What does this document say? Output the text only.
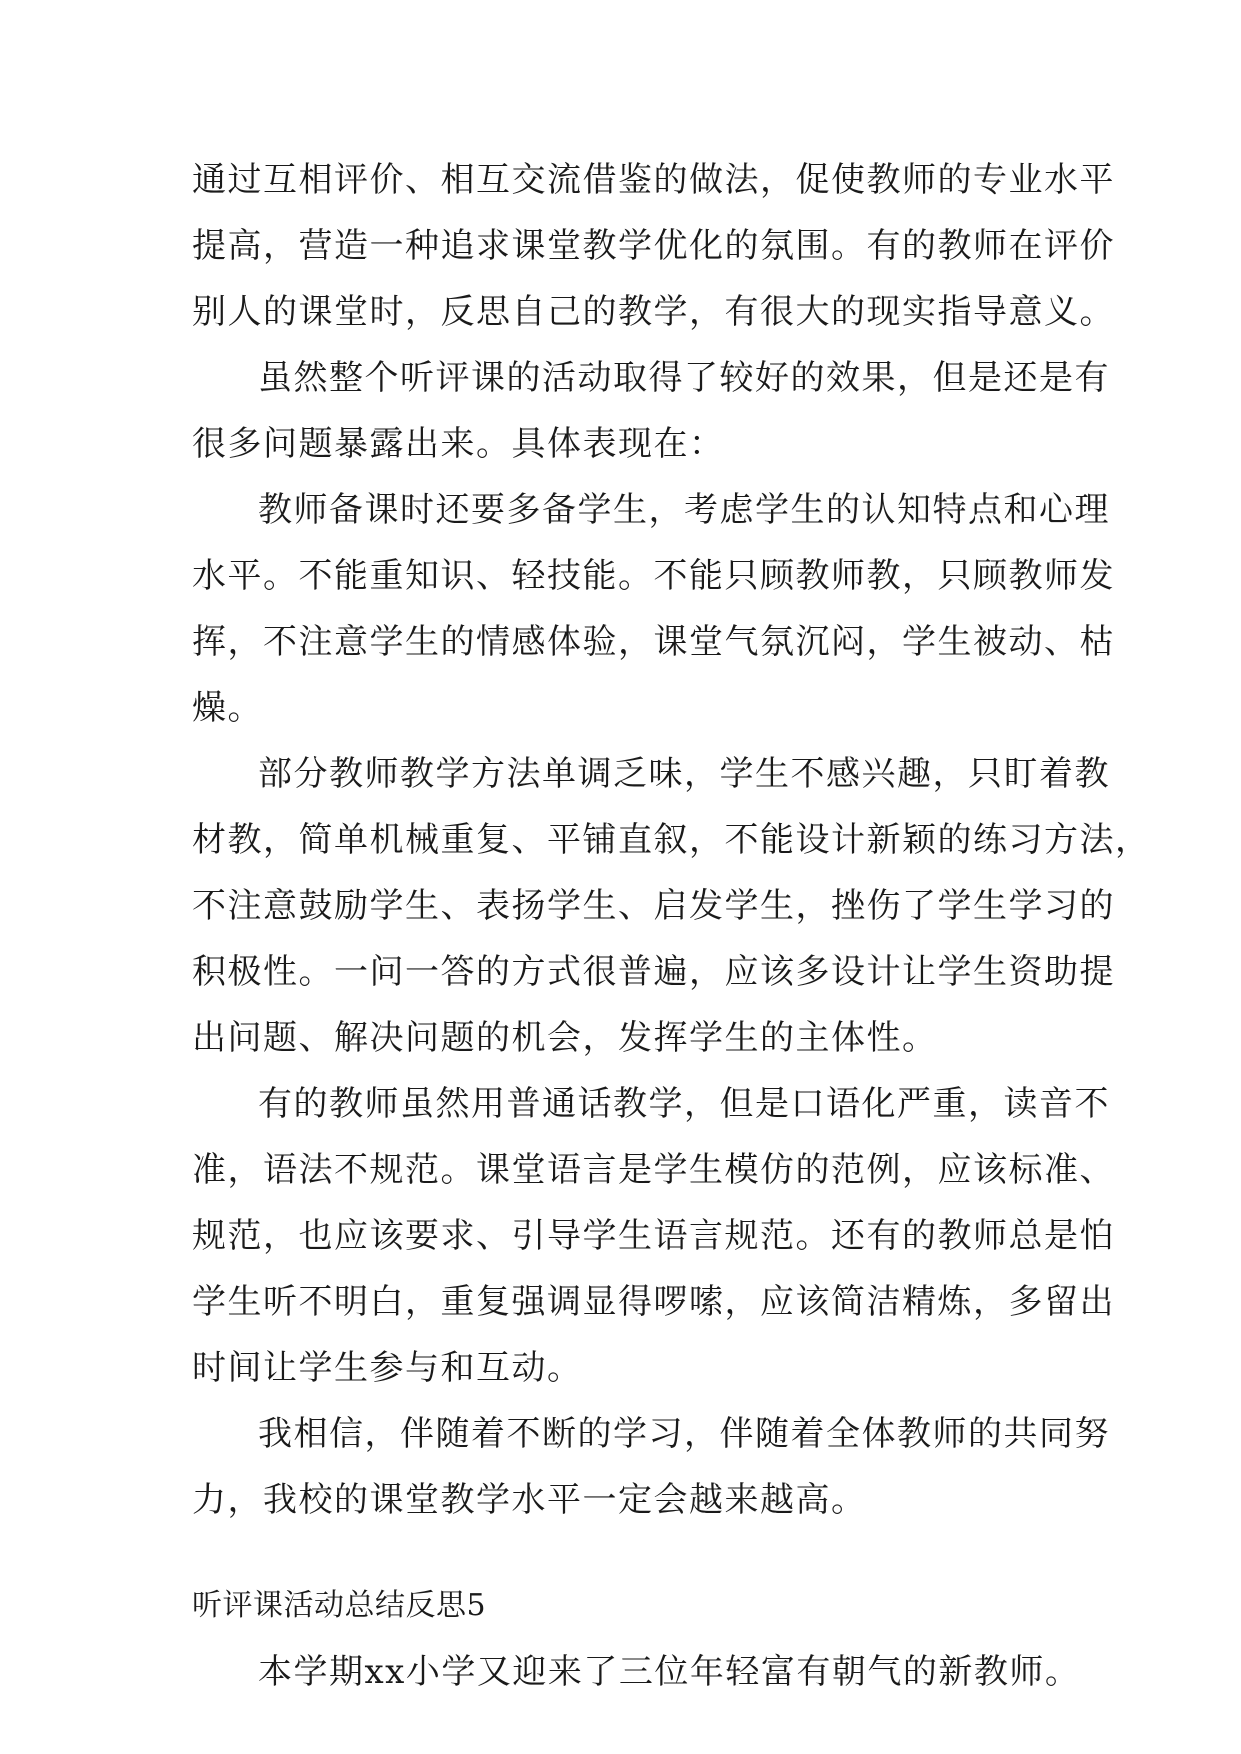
通过互相评价、相互交流借鉴的做法，促使教师的专业水平
提高，营造一种追求课堂教学优化的氛围。有的教师在评价
别人的课堂时，反思自己的教学，有很大的现实指导意义。
虽然整个听评课的活动取得了较好的效果，但是还是有
很多问题暴露出来。具体表现在：
教师备课时还要多备学生，考虑学生的认知特点和心理
水平。不能重知识、轻技能。不能只顾教师教，只顾教师发
挥，不注意学生的情感体验，课堂气氛沉闷，学生被动、枯
燥。
部分教师教学方法单调乏味，学生不感兴趣，只盯着教
材教，简单机械重复、平铺直叙，不能设计新颖的练习方法，
不注意鼓励学生、表扬学生、启发学生，挫伤了学生学习的
积极性。一问一答的方式很普遍，应该多设计让学生资助提
出问题、解决问题的机会，发挥学生的主体性。
有的教师虽然用普通话教学，但是口语化严重，读音不
准，语法不规范。课堂语言是学生模仿的范例，应该标准、
规范，也应该要求、引导学生语言规范。还有的教师总是怕
学生听不明白，重复强调显得啰嗦，应该简洁精炼，多留出
时间让学生参与和互动。
我相信，伴随着不断的学习，伴随着全体教师的共同努
力，我校的课堂教学水平一定会越来越高。
听评课活动总结反思5
本学期xx小学又迎来了三位年轻富有朝气的新教师。
